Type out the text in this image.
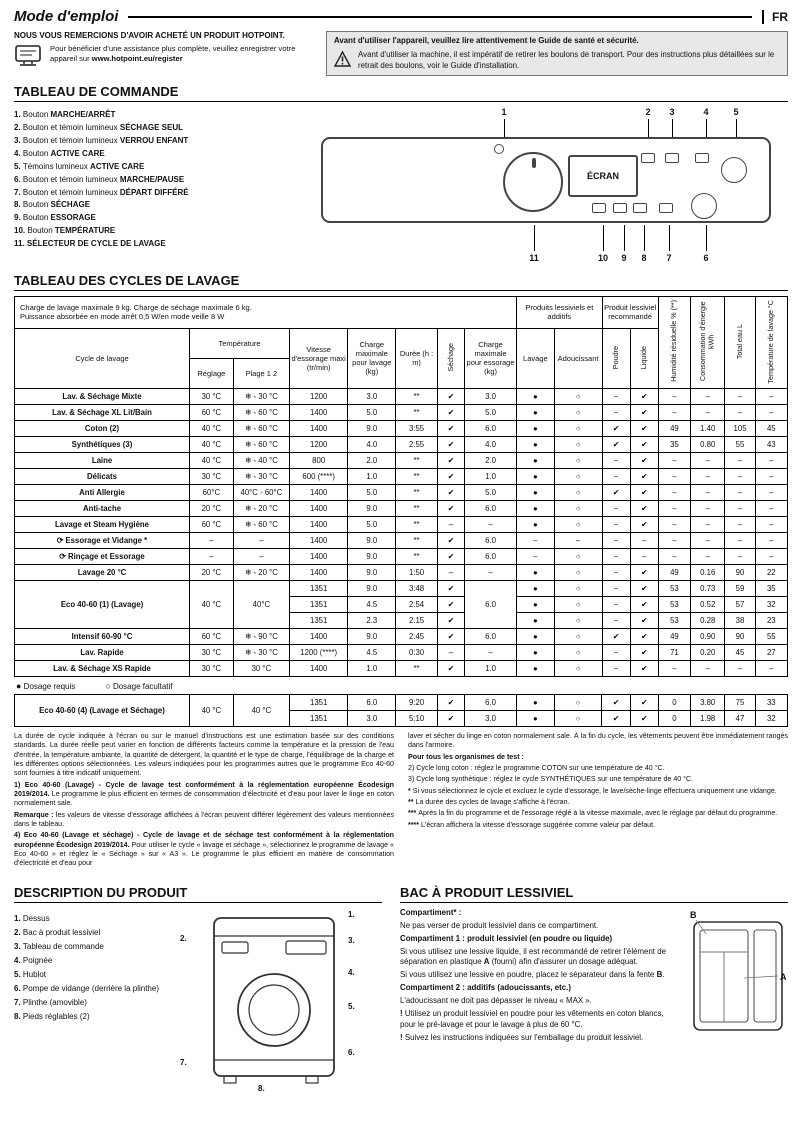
Mode d'emploi	FR
NOUS VOUS REMERCIONS D'AVOIR ACHETÉ UN PRODUIT HOTPOINT.
Pour bénéficier d'une assistance plus complète, veuillez enregistrer votre appareil sur www.hotpoint.eu/register
Avant d'utiliser l'appareil, veuillez lire attentivement le Guide de santé et sécurité.
Avant d'utiliser la machine, il est impératif de retirer les boulons de transport. Pour des instructions plus détaillées sur le retrait des boulons, voir le Guide d'installation.
TABLEAU DE COMMANDE
1. Bouton MARCHE/ARRÊT
2. Bouton et témoin lumineux SÉCHAGE SEUL
3. Bouton et témoin lumineux VERROU ENFANT
4. Bouton ACTIVE CARE
5. Témoins lumineux ACTIVE CARE
6. Bouton et témoin lumineux MARCHE/PAUSE
7. Bouton et témoin lumineux DÉPART DIFFÉRÉ
8. Bouton SÉCHAGE
9. Bouton ESSORAGE
10. Bouton TEMPÉRATURE
11. SÉLECTEUR DE CYCLE DE LAVAGE
ÉCRAN
1	2	3	4	5
11	10	9	8	7	6
TABLEAU DES CYCLES DE LAVAGE
Charge de lavage maximale 9 kg. Charge de séchage maximale 6 kg.
Puissance absorbée en mode arrêt 0,5 W/en mode veille 8 W								Produits lessiviels et additifs		Produit lessiviel recommandé		Humidité résiduelle % (**)	Consommation d'énergie kWh	Total eau L	Température de lavage °C
Cycle de lavage	Température		Vitesse d'essorage maxi (tr/min)	Charge maximale pour lavage (kg)	Durée (h : m)	Séchage	Charge maximale pour essorage (kg)	Lavage	Adoucissant	Poudre	Liquide				
	Réglage	Plage 1 2													
Lav. & Séchage Mixte	30 °C	❄ - 30 °C	1200	3.0	**	✔	3.0	●	○	–	✔	–	–	–	–
Lav. & Séchage XL Lit/Bain	60 °C	❄ - 60 °C	1400	5.0	**	✔	5.0	●	○	–	✔	–	–	–	–
Coton (2)	40 °C	❄ - 60 °C	1400	9.0	3:55	✔	6.0	●	○	✔	✔	49	1.40	105	45
Synthétiques (3)	40 °C	❄ - 60 °C	1200	4.0	2:55	✔	4.0	●	○	✔	✔	35	0.80	55	43
Laine	40 °C	❄ - 40 °C	800	2.0	**	✔	2.0	●	○	–	✔	–	–	–	–
Délicats	30 °C	❄ - 30 °C	600 (****)	1.0	**	✔	1.0	●	○	–	✔	–	–	–	–
Anti Allergie	60°C	40°C - 60°C	1400	5.0	**	✔	5.0	●	○	✔	✔	–	–	–	–
Anti-tache	20 °C	❄ - 20 °C	1400	9.0	**	✔	6.0	●	○	–	✔	–	–	–	–
Lavage et Steam Hygiène	60 °C	❄ - 60 °C	1400	5.0	**	–	–	●	○	–	✔	–	–	–	–
⟳ Essorage et Vidange *	–	–	1400	9.0	**	✔	6.0	–	–	–	–	–	–	–	–
⟳ Rinçage et Essorage	–	–	1400	9.0	**	✔	6.0	–	○	–	–	–	–	–	–
Lavage 20 °C	20 °C	❄ - 20 °C	1400	9.0	1:50	–	–	●	○	–	✔	49	0.16	90	22
Eco 40-60 (1) (Lavage)	40 °C	40°C	1351	9.0	3:48	✔	6.0	●	○	–	✔	53	0.73	59	35
			1351	4.5	2:54	✔		●	○	–	✔	53	0.52	57	32
			1351	2.3	2:15	✔		●	○	–	✔	53	0.28	38	23
Intensif 60-90 °C	60 °C	❄ - 90 °C	1400	9.0	2:45	✔	6.0	●	○	✔	✔	49	0.90	90	55
Lav. Rapide	30 °C	❄ - 30 °C	1200 (****)	4.5	0:30	–	–	●	○	–	✔	71	0.20	45	27
Lav. & Séchage XS Rapide	30 °C	30 °C	1400	1.0	**	✔	1.0	●	○	–	✔	–	–	–	–
● Dosage requis	○ Dosage facultatif
Eco 40-60 (4) (Lavage et Séchage)	40 °C	40 °C	1351	6.0	9:20	✔	6.0	●	○	✔	✔	0	3.80	75	33
			1351	3.0	5:10	✔	3.0	●	○	✔	✔	0	1.98	47	32

La durée de cycle indiquée à l'écran ou sur le manuel d'instructions est une estimation basée sur des conditions standards. La durée réelle peut varier en fonction de différents facteurs comme la température et la pression de l'eau d'entrée, la température ambiante, la quantité de détergent, la quantité et le type de charge, l'équilibrage de la charge et les différentes options sélectionnées. Les valeurs indiquées pour les programmes autres que le programme Eco 40-60 sont fournies à titre indicatif uniquement.

1) Eco 40-60 (Lavage) - Cycle de lavage test conformément à la réglementation européenne Écodesign 2019/2014. Le programme le plus efficient en termes de consommation d'électricité et d'eau pour laver le linge en coton normalement sale.

Remarque : les valeurs de vitesse d'essorage affichées à l'écran peuvent différer légèrement des valeurs mentionnées dans le tableau.

4) Eco 40-60 (Lavage et séchage) - Cycle de lavage et de séchage test conformément à la réglementation européenne Écodesign 2019/2014. Pour utiliser le cycle « lavage et séchage », sélectionnez le programme de lavage « Eco 40-60 » et réglez le « Séchage » sur « A3 ». Le programme le plus efficient en matière de consommation d'électricité et d'eau pour

laver et sécher du linge en coton normalement sale. À la fin du cycle, les vêtements peuvent être immédiatement rangés dans l'armoire.

Pour tous les organismes de test :

2) Cycle long coton : réglez le programme COTON sur une température de 40 °C.

3) Cycle long synthétique : réglez le cycle SYNTHÉTIQUES sur une température de 40 °C.

* Si vous sélectionnez le cycle et excluez le cycle d'essorage, le lave/sèche-linge effectuera uniquement une vidange.

** La durée des cycles de lavage s'affiche à l'écran.

*** Après la fin du programme et de l'essorage réglé à la vitesse maximale, avec le réglage par défaut du programme.

**** L'écran affichera la vitesse d'essorage suggérée comme valeur par défaut.

DESCRIPTION DU PRODUIT
1. Dessus
2. Bac à produit lessiviel
3. Tableau de commande
4. Poignée
5. Hublot
6. Pompe de vidange (derrière la plinthe)
7. Plinthe (amovible)
8. Pieds réglables (2)
1.
2.	3.
4.
5.
6.
7.
8.
BAC À PRODUIT LESSIVIEL
B
A

Compartiment* :

Ne pas verser de produit lessiviel dans ce compartiment.

Compartiment 1 : produit lessiviel (en poudre ou liquide)

Si vous utilisez une lessive liquide, il est recommandé de retirer l'élément de séparation en plastique A (fourni) afin d'assurer un dosage adéquat.

Si vous utilisez une lessive en poudre, placez le séparateur dans la fente B.

Compartiment 2 : additifs (adoucissants, etc.)

L'adoucissant ne doit pas dépasser le niveau « MAX ».

! Utilisez un produit lessiviel en poudre pour les vêtements en coton blancs, pour le pré-lavage et pour le lavage à plus de 60 °C.

! Suivez les instructions indiquées sur l'emballage du produit lessiviel.
